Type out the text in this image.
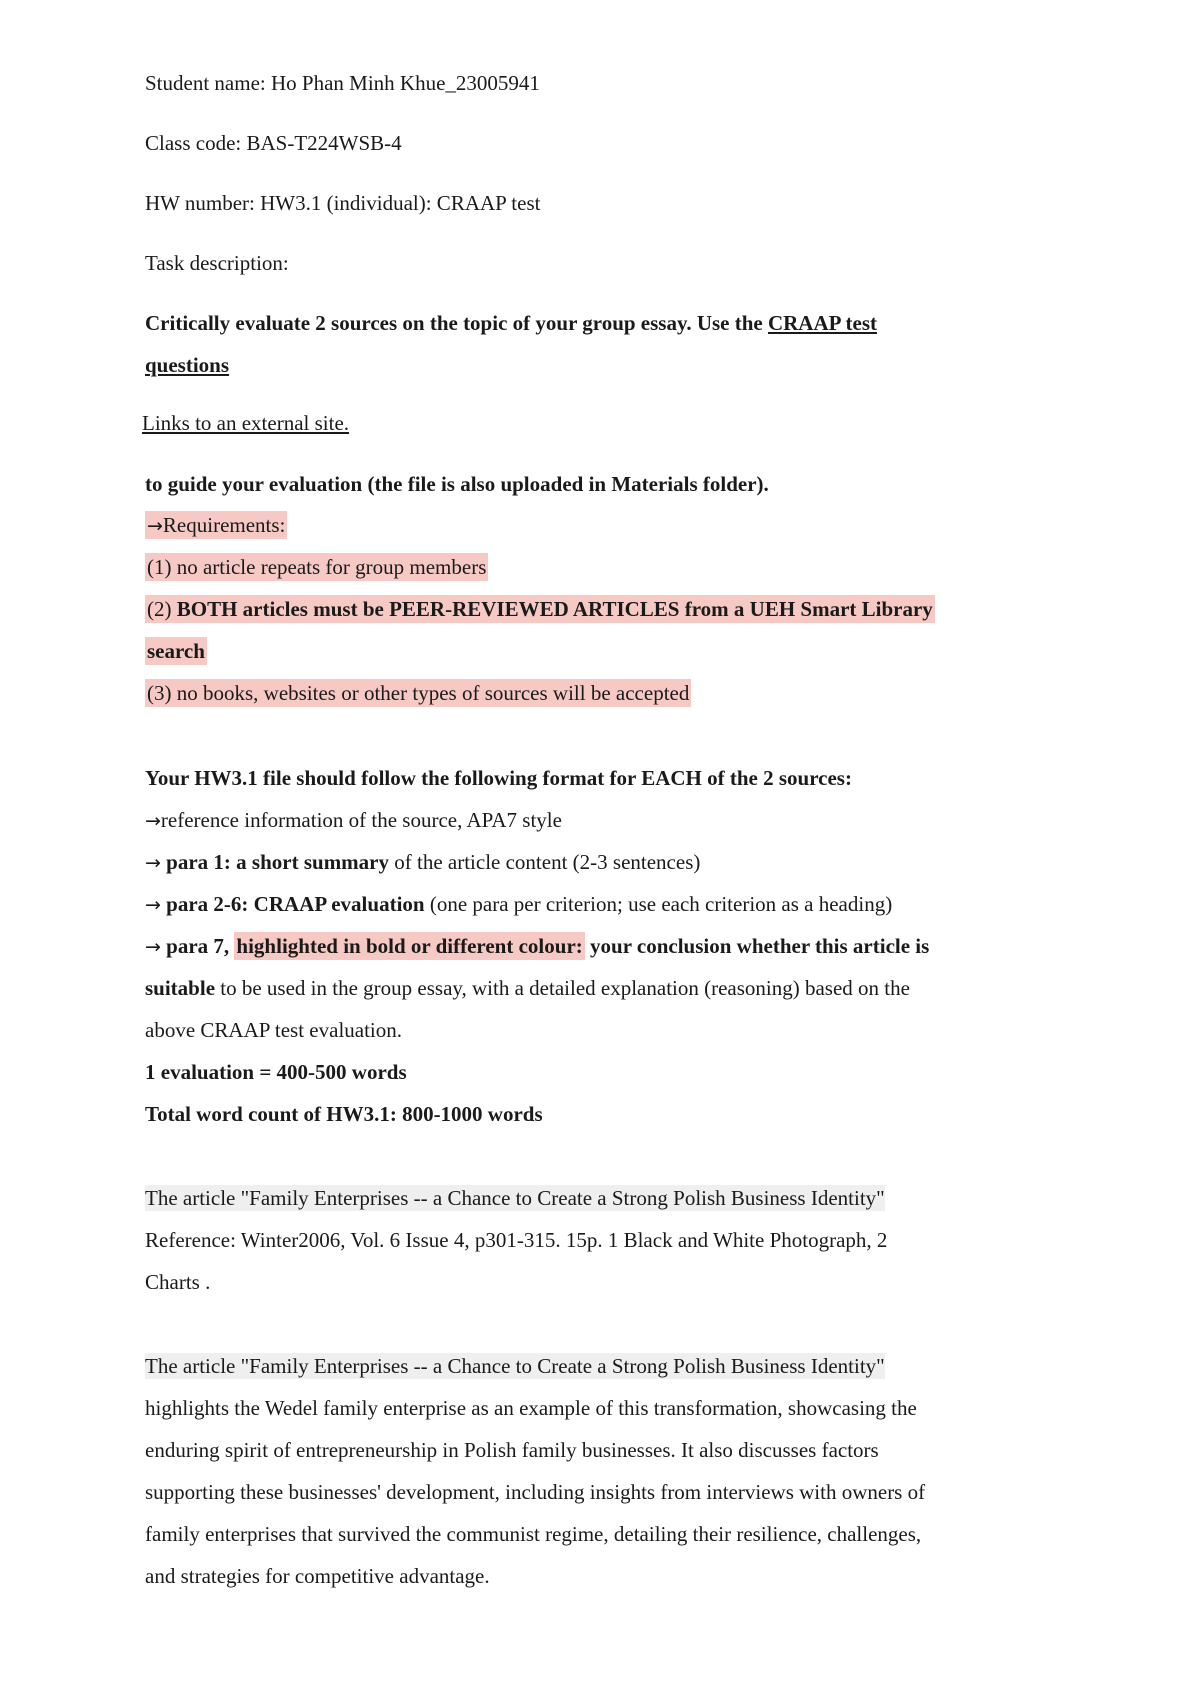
Student name: Ho Phan Minh Khue_23005941
Class code: BAS-T224WSB-4
HW number: HW3.1 (individual): CRAAP test
Task description:
Critically evaluate 2 sources on the topic of your group essay. Use the CRAAP test
questions
Links to an external site.
to guide your evaluation (the file is also uploaded in Materials folder).
→Requirements:
(1) no article repeats for group members
(2) BOTH articles must be PEER-REVIEWED ARTICLES from a UEH Smart Library
search
(3) no books, websites or other types of sources will be accepted
Your HW3.1 file should follow the following format for EACH of the 2 sources:
→reference information of the source, APA7 style
→ para 1: a short summary of the article content (2-3 sentences)
→ para 2-6: CRAAP evaluation (one para per criterion; use each criterion as a heading)
→ para 7, highlighted in bold or different colour: your conclusion whether this article is
suitable to be used in the group essay, with a detailed explanation (reasoning) based on the
above CRAAP test evaluation.
1 evaluation = 400-500 words
Total word count of HW3.1: 800-1000 words
The article "Family Enterprises -- a Chance to Create a Strong Polish Business Identity"
Reference: Winter2006, Vol. 6 Issue 4, p301-315. 15p. 1 Black and White Photograph, 2
Charts .
The article "Family Enterprises -- a Chance to Create a Strong Polish Business Identity"
highlights the Wedel family enterprise as an example of this transformation, showcasing the
enduring spirit of entrepreneurship in Polish family businesses. It also discusses factors
supporting these businesses' development, including insights from interviews with owners of
family enterprises that survived the communist regime, detailing their resilience, challenges,
and strategies for competitive advantage.
